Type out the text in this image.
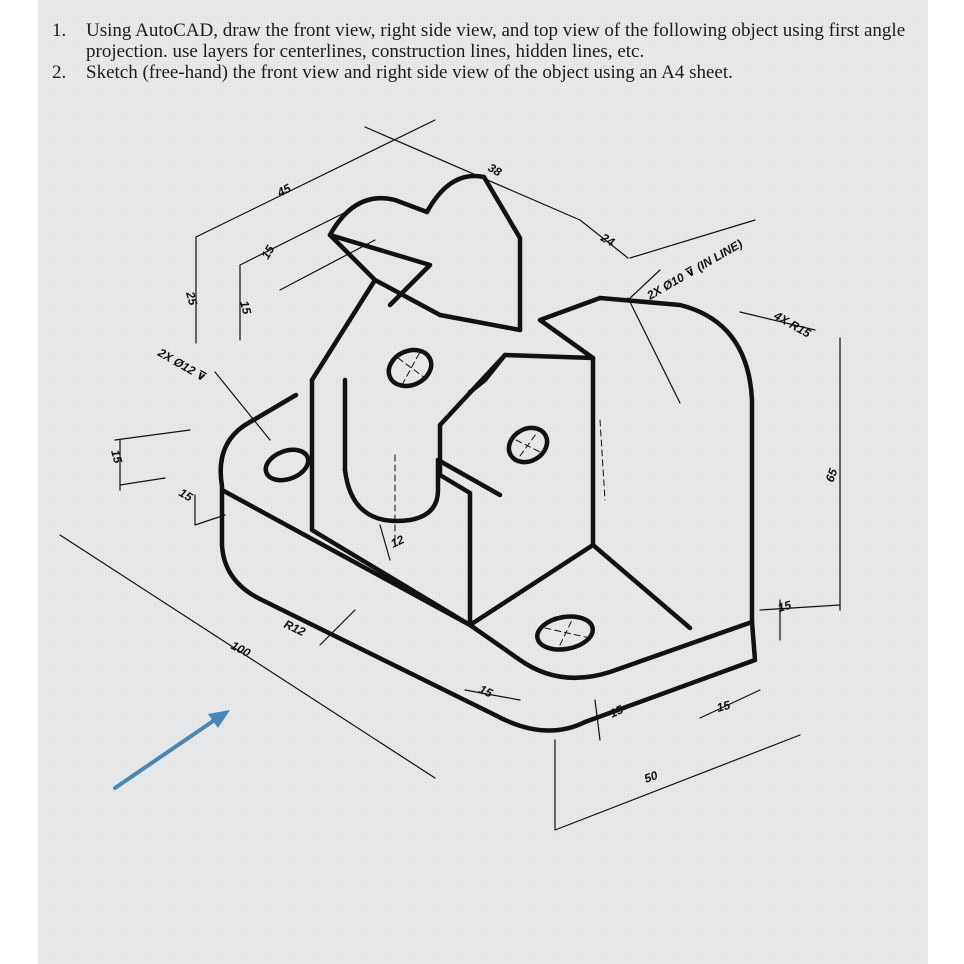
1. Using AutoCAD, draw the front view, right side view, and top view of the following object using first angle projection. use layers for centerlines, construction lines, hidden lines, etc.
2. Sketch (free-hand) the front view and right side view of the object using an A4 sheet.
45
38
24
25
15
15
15
15
2X Ø12 ⊽
2X Ø10 ⊽ (IN LINE)
4X R15
65
15
15
15
15
R12
100
50
12
